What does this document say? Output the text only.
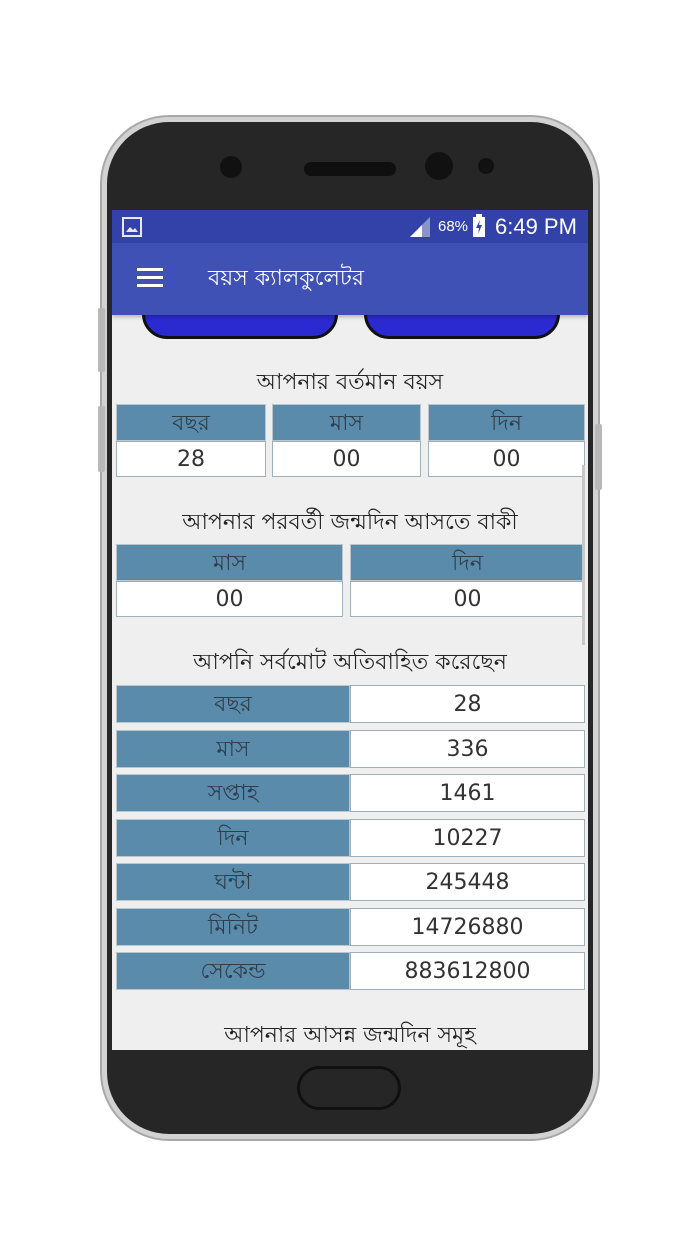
68% 6:49 PM
বয়স ক্যালকুলেটর
আপনার বর্তমান বয়স
বছর	মাস	দিন
28	00	00
আপনার পরবর্তী জন্মদিন আসতে বাকী
মাস	দিন
00	00
আপনি সর্বমোট অতিবাহিত করেছেন
বছর	28
মাস	336
সপ্তাহ	1461
দিন	10227
ঘন্টা	245448
মিনিট	14726880
সেকেন্ড	883612800
আপনার আসন্ন জন্মদিন সমূহ
